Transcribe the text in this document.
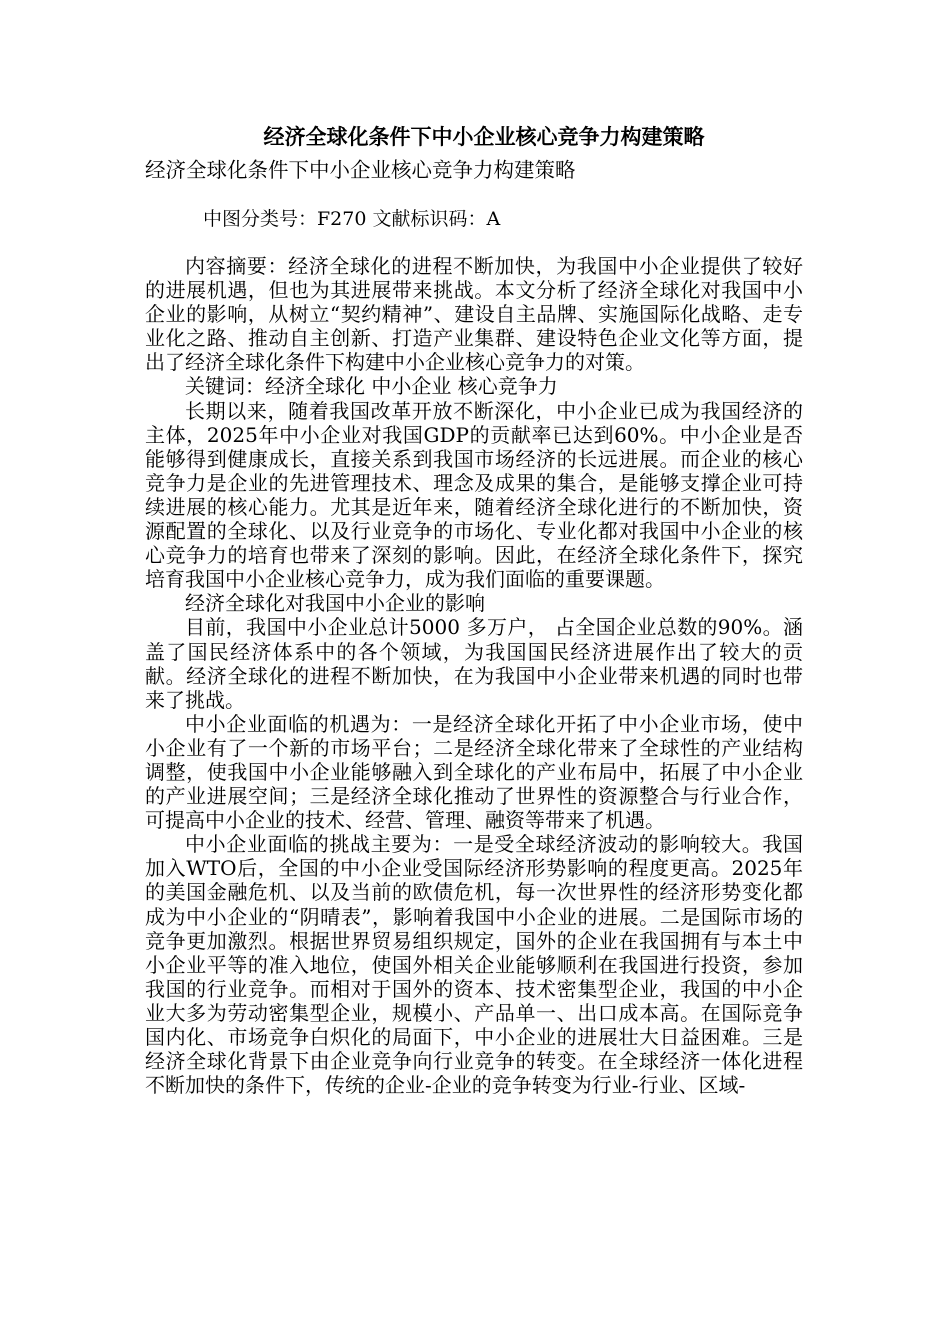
经济全球化条件下中小企业核心竞争力构建策略

经济全球化条件下中小企业核心竞争力构建策略

中图分类号：F270 文献标识码：A

内容摘要：经济全球化的进程不断加快，为我国中小企业提供了较好的进展机遇，但也为其进展带来挑战。本文分析了经济全球化对我国中小企业的影响，从树立“契约精神”、建设自主品牌、实施国际化战略、走专业化之路、推动自主创新、打造产业集群、建设特色企业文化等方面，提出了经济全球化条件下构建中小企业核心竞争力的对策。

关键词：经济全球化 中小企业 核心竞争力

长期以来，随着我国改革开放不断深化，中小企业已成为我国经济的主体，2025年中小企业对我国GDP的贡献率已达到60%。中小企业是否能够得到健康成长，直接关系到我国市场经济的长远进展。而企业的核心竞争力是企业的先进管理技术、理念及成果的集合，是能够支撑企业可持续进展的核心能力。尤其是近年来，随着经济全球化进行的不断加快，资源配置的全球化、以及行业竞争的市场化、专业化都对我国中小企业的核心竞争力的培育也带来了深刻的影响。因此，在经济全球化条件下，探究培育我国中小企业核心竞争力，成为我们面临的重要课题。

经济全球化对我国中小企业的影响

目前，我国中小企业总计5000 多万户， 占全国企业总数的90%。涵盖了国民经济体系中的各个领域，为我国国民经济进展作出了较大的贡献。经济全球化的进程不断加快，在为我国中小企业带来机遇的同时也带来了挑战。

中小企业面临的机遇为：一是经济全球化开拓了中小企业市场，使中小企业有了一个新的市场平台；二是经济全球化带来了全球性的产业结构调整，使我国中小企业能够融入到全球化的产业布局中，拓展了中小企业的产业进展空间；三是经济全球化推动了世界性的资源整合与行业合作，可提高中小企业的技术、经营、管理、融资等带来了机遇。

中小企业面临的挑战主要为：一是受全球经济波动的影响较大。我国加入WTO后，全国的中小企业受国际经济形势影响的程度更高。2025年的美国金融危机、以及当前的欧债危机，每一次世界性的经济形势变化都成为中小企业的“阴晴表”，影响着我国中小企业的进展。二是国际市场的竞争更加激烈。根据世界贸易组织规定，国外的企业在我国拥有与本土中小企业平等的准入地位，使国外相关企业能够顺利在我国进行投资，参加我国的行业竞争。而相对于国外的资本、技术密集型企业，我国的中小企业大多为劳动密集型企业，规模小、产品单一、出口成本高。在国际竞争国内化、市场竞争白炽化的局面下，中小企业的进展壮大日益困难。三是经济全球化背景下由企业竞争向行业竞争的转变。在全球经济一体化进程不断加快的条件下，传统的企业-企业的竞争转变为行业-行业、区域-
